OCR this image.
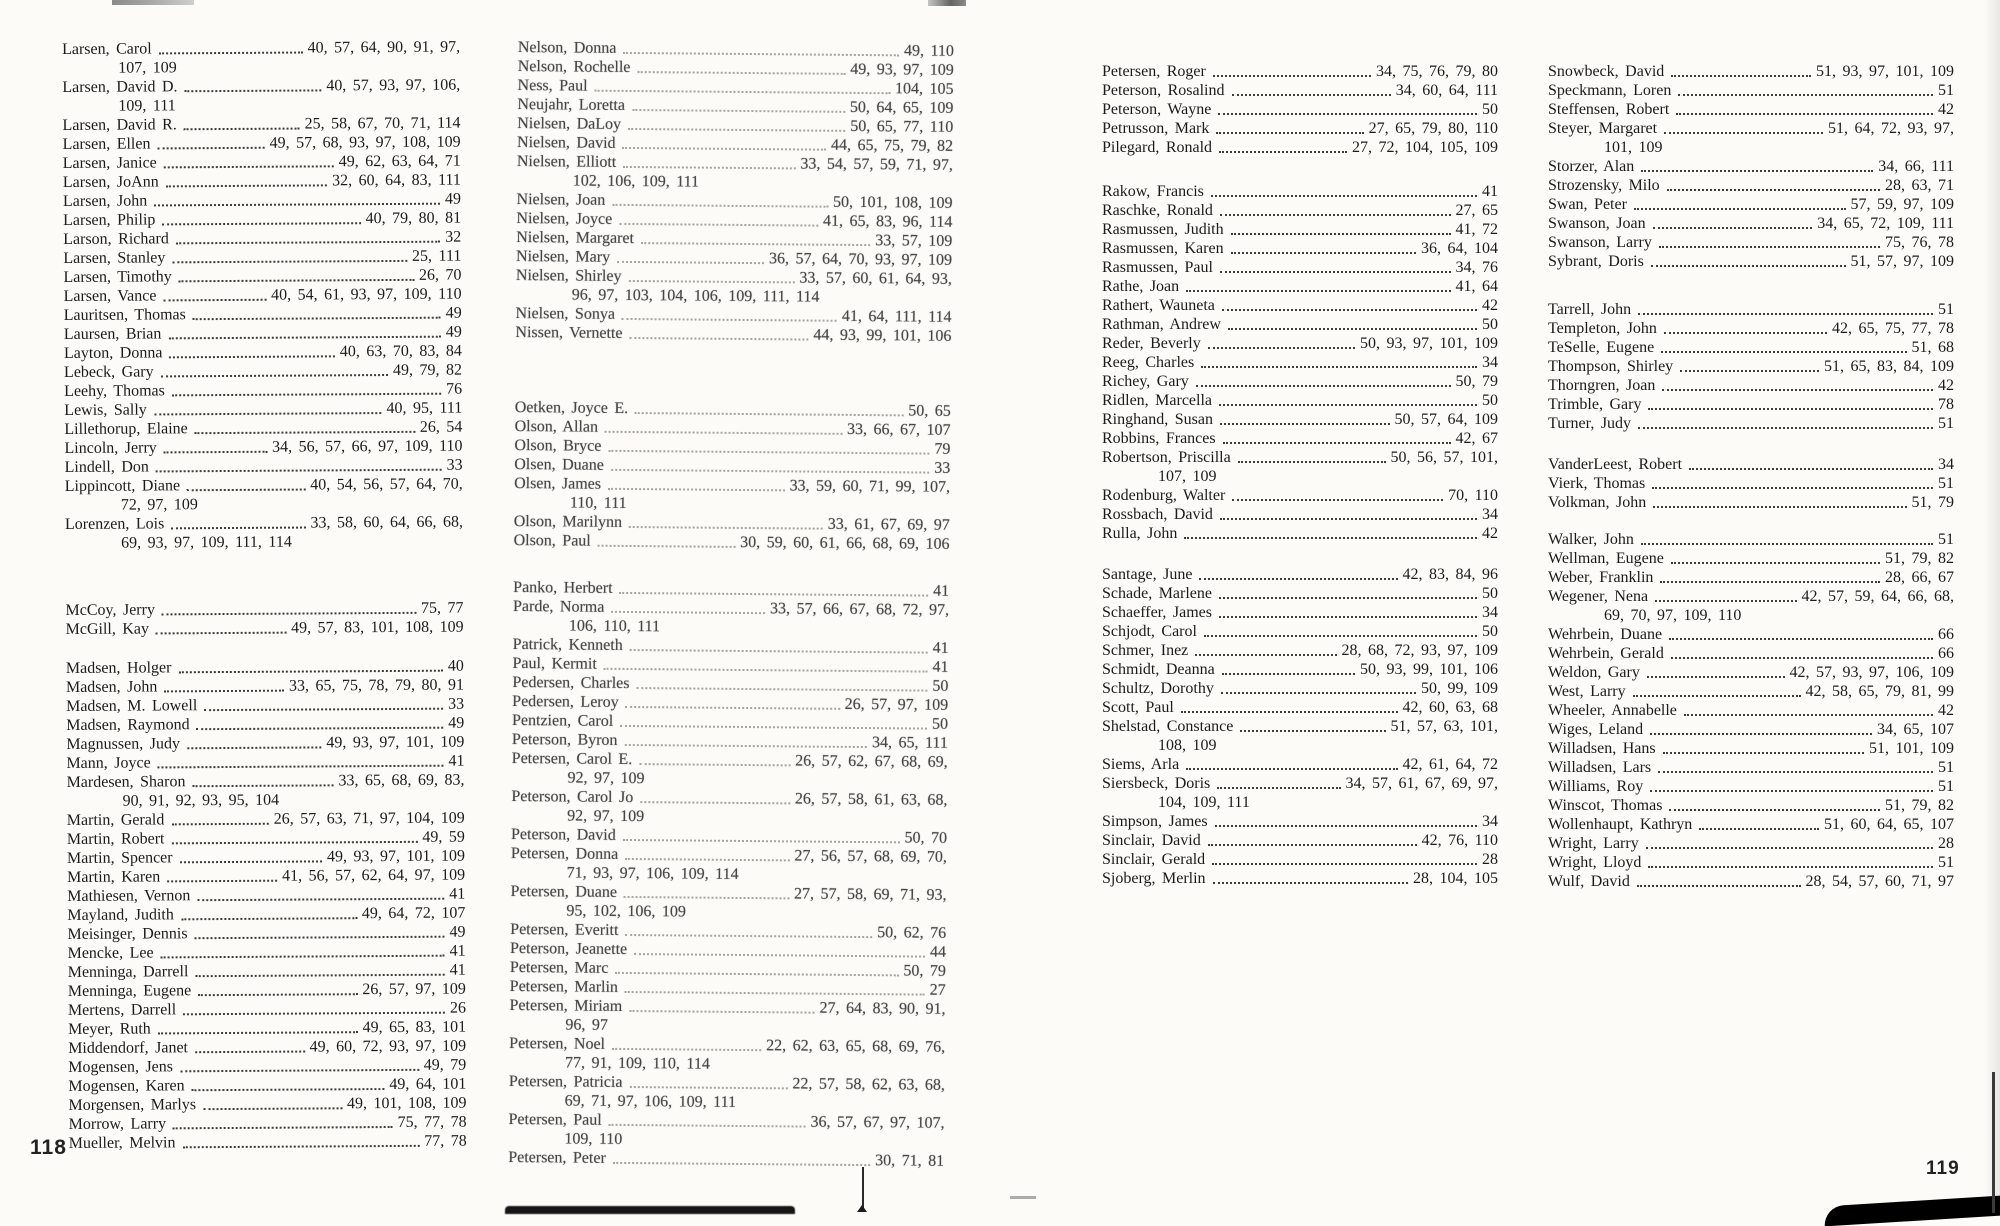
Larsen, Carol	40, 57, 64, 90, 91, 97,
107, 109
Larsen, David D.	40, 57, 93, 97, 106,
109, 111
Larsen, David R.	25, 58, 67, 70, 71, 114
Larsen, Ellen	49, 57, 68, 93, 97, 108, 109
Larsen, Janice	49, 62, 63, 64, 71
Larsen, JoAnn	32, 60, 64, 83, 111
Larsen, John	49
Larsen, Philip	40, 79, 80, 81
Larson, Richard	32
Larsen, Stanley	25, 111
Larsen, Timothy	26, 70
Larsen, Vance	40, 54, 61, 93, 97, 109, 110
Lauritsen, Thomas	49
Laursen, Brian	49
Layton, Donna	40, 63, 70, 83, 84
Lebeck, Gary	49, 79, 82
Leehy, Thomas	76
Lewis, Sally	40, 95, 111
Lillethorup, Elaine	26, 54
Lincoln, Jerry	34, 56, 57, 66, 97, 109, 110
Lindell, Don	33
Lippincott, Diane	40, 54, 56, 57, 64, 70,
72, 97, 109
Lorenzen, Lois	33, 58, 60, 64, 66, 68,
69, 93, 97, 109, 111, 114
McCoy, Jerry	75, 77
McGill, Kay	49, 57, 83, 101, 108, 109
Madsen, Holger	40
Madsen, John	33, 65, 75, 78, 79, 80, 91
Madsen, M. Lowell	33
Madsen, Raymond	49
Magnussen, Judy	49, 93, 97, 101, 109
Mann, Joyce	41
Mardesen, Sharon	33, 65, 68, 69, 83,
90, 91, 92, 93, 95, 104
Martin, Gerald	26, 57, 63, 71, 97, 104, 109
Martin, Robert	49, 59
Martin, Spencer	49, 93, 97, 101, 109
Martin, Karen	41, 56, 57, 62, 64, 97, 109
Mathiesen, Vernon	41
Mayland, Judith	49, 64, 72, 107
Meisinger, Dennis	49
Mencke, Lee	41
Menninga, Darrell	41
Menninga, Eugene	26, 57, 97, 109
Mertens, Darrell	26
Meyer, Ruth	49, 65, 83, 101
Middendorf, Janet	49, 60, 72, 93, 97, 109
Mogensen, Jens	49, 79
Mogensen, Karen	49, 64, 101
Morgensen, Marlys	49, 101, 108, 109
Morrow, Larry	75, 77, 78
Mueller, Melvin	77, 78
Nelson, Donna	49, 110
Nelson, Rochelle	49, 93, 97, 109
Ness, Paul	104, 105
Neujahr, Loretta	50, 64, 65, 109
Nielsen, DaLoy	50, 65, 77, 110
Nielsen, David	44, 65, 75, 79, 82
Nielsen, Elliott	33, 54, 57, 59, 71, 97,
102, 106, 109, 111
Nielsen, Joan	50, 101, 108, 109
Nielsen, Joyce	41, 65, 83, 96, 114
Nielsen, Margaret	33, 57, 109
Nielsen, Mary	36, 57, 64, 70, 93, 97, 109
Nielsen, Shirley	33, 57, 60, 61, 64, 93,
96, 97, 103, 104, 106, 109, 111, 114
Nielsen, Sonya	41, 64, 111, 114
Nissen, Vernette	44, 93, 99, 101, 106
Oetken, Joyce E.	50, 65
Olson, Allan	33, 66, 67, 107
Olson, Bryce	79
Olsen, Duane	33
Olsen, James	33, 59, 60, 71, 99, 107,
110, 111
Olson, Marilynn	33, 61, 67, 69, 97
Olson, Paul	30, 59, 60, 61, 66, 68, 69, 106
Panko, Herbert	41
Parde, Norma	33, 57, 66, 67, 68, 72, 97,
106, 110, 111
Patrick, Kenneth	41
Paul, Kermit	41
Pedersen, Charles	50
Pedersen, Leroy	26, 57, 97, 109
Pentzien, Carol	50
Peterson, Byron	34, 65, 111
Petersen, Carol E.	26, 57, 62, 67, 68, 69,
92, 97, 109
Peterson, Carol Jo	26, 57, 58, 61, 63, 68,
92, 97, 109
Peterson, David	50, 70
Petersen, Donna	27, 56, 57, 68, 69, 70,
71, 93, 97, 106, 109, 114
Petersen, Duane	27, 57, 58, 69, 71, 93,
95, 102, 106, 109
Petersen, Everitt	50, 62, 76
Peterson, Jeanette	44
Petersen, Marc	50, 79
Petersen, Marlin	27
Petersen, Miriam	27, 64, 83, 90, 91,
96, 97
Petersen, Noel	22, 62, 63, 65, 68, 69, 76,
77, 91, 109, 110, 114
Petersen, Patricia	22, 57, 58, 62, 63, 68,
69, 71, 97, 106, 109, 111
Petersen, Paul	36, 57, 67, 97, 107,
109, 110
Petersen, Peter	30, 71, 81
Petersen, Roger	34, 75, 76, 79, 80
Peterson, Rosalind	34, 60, 64, 111
Peterson, Wayne	50
Petrusson, Mark	27, 65, 79, 80, 110
Pilegard, Ronald	27, 72, 104, 105, 109
Rakow, Francis	41
Raschke, Ronald	27, 65
Rasmussen, Judith	41, 72
Rasmussen, Karen	36, 64, 104
Rasmussen, Paul	34, 76
Rathe, Joan	41, 64
Rathert, Wauneta	42
Rathman, Andrew	50
Reder, Beverly	50, 93, 97, 101, 109
Reeg, Charles	34
Richey, Gary	50, 79
Ridlen, Marcella	50
Ringhand, Susan	50, 57, 64, 109
Robbins, Frances	42, 67
Robertson, Priscilla	50, 56, 57, 101,
107, 109
Rodenburg, Walter	70, 110
Rossbach, David	34
Rulla, John	42
Santage, June	42, 83, 84, 96
Schade, Marlene	50
Schaeffer, James	34
Schjodt, Carol	50
Schmer, Inez	28, 68, 72, 93, 97, 109
Schmidt, Deanna	50, 93, 99, 101, 106
Schultz, Dorothy	50, 99, 109
Scott, Paul	42, 60, 63, 68
Shelstad, Constance	51, 57, 63, 101,
108, 109
Siems, Arla	42, 61, 64, 72
Siersbeck, Doris	34, 57, 61, 67, 69, 97,
104, 109, 111
Simpson, James	34
Sinclair, David	42, 76, 110
Sinclair, Gerald	28
Sjoberg, Merlin	28, 104, 105
Snowbeck, David	51, 93, 97, 101, 109
Speckmann, Loren	51
Steffensen, Robert	42
Steyer, Margaret	51, 64, 72, 93, 97,
101, 109
Storzer, Alan	34, 66, 111
Strozensky, Milo	28, 63, 71
Swan, Peter	57, 59, 97, 109
Swanson, Joan	34, 65, 72, 109, 111
Swanson, Larry	75, 76, 78
Sybrant, Doris	51, 57, 97, 109
Tarrell, John	51
Templeton, John	42, 65, 75, 77, 78
TeSelle, Eugene	51, 68
Thompson, Shirley	51, 65, 83, 84, 109
Thorngren, Joan	42
Trimble, Gary	78
Turner, Judy	51
VanderLeest, Robert	34
Vierk, Thomas	51
Volkman, John	51, 79
Walker, John	51
Wellman, Eugene	51, 79, 82
Weber, Franklin	28, 66, 67
Wegener, Nena	42, 57, 59, 64, 66, 68,
69, 70, 97, 109, 110
Wehrbein, Duane	66
Wehrbein, Gerald	66
Weldon, Gary	42, 57, 93, 97, 106, 109
West, Larry	42, 58, 65, 79, 81, 99
Wheeler, Annabelle	42
Wiges, Leland	34, 65, 107
Willadsen, Hans	51, 101, 109
Willadsen, Lars	51
Williams, Roy	51
Winscot, Thomas	51, 79, 82
Wollenhaupt, Kathryn	51, 60, 64, 65, 107
Wright, Larry	28
Wright, Lloyd	51
Wulf, David	28, 54, 57, 60, 71, 97
118
119
